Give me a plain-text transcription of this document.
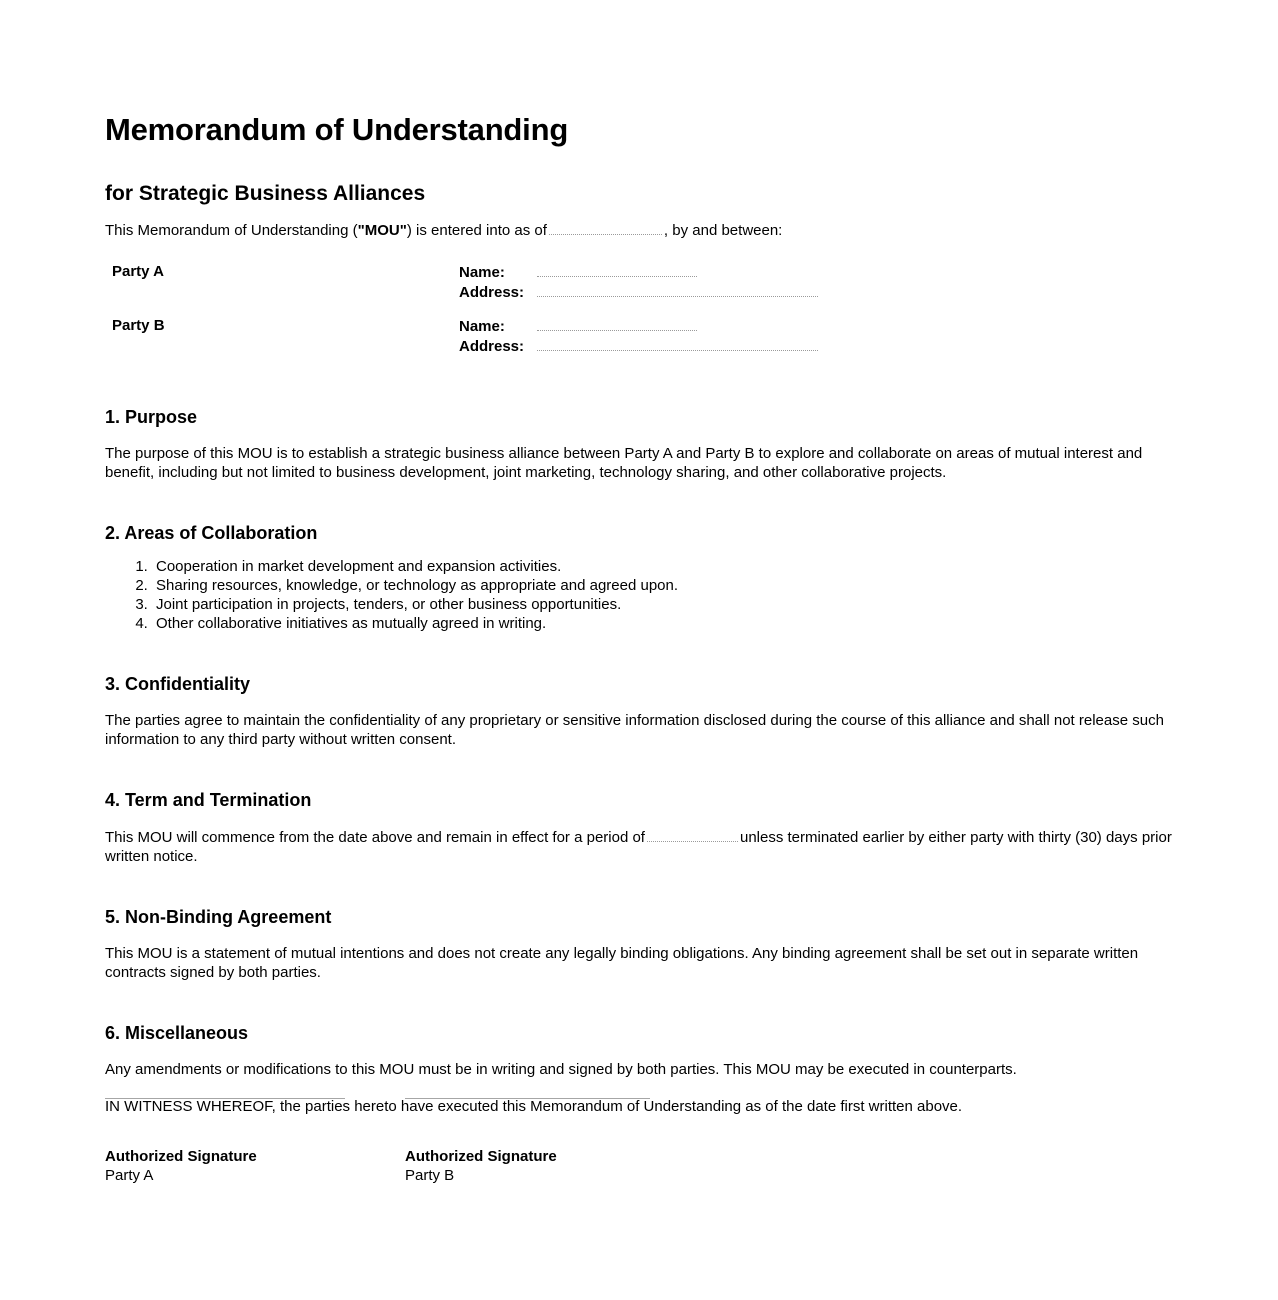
Memorandum of Understanding
for Strategic Business Alliances

This Memorandum of Understanding ("MOU") is entered into as of	, by and between:

Party A	Name:
Address:
Party B	Name:
Address:
1. Purpose

The purpose of this MOU is to establish a strategic business alliance between Party A and Party B to explore and collaborate on areas of mutual interest and benefit, including but not limited to business development, joint marketing, technology sharing, and other collaborative projects.

2. Areas of Collaboration
1. Cooperation in market development and expansion activities.
2. Sharing resources, knowledge, or technology as appropriate and agreed upon.
3. Joint participation in projects, tenders, or other business opportunities.
4. Other collaborative initiatives as mutually agreed in writing.
3. Confidentiality

The parties agree to maintain the confidentiality of any proprietary or sensitive information disclosed during the course of this alliance and shall not release such information to any third party without written consent.

4. Term and Termination

This MOU will commence from the date above and remain in effect for a period of	unless terminated earlier by either party with thirty (30) days prior written notice.

5. Non-Binding Agreement

This MOU is a statement of mutual intentions and does not create any legally binding obligations. Any binding agreement shall be set out in separate written contracts signed by both parties.

6. Miscellaneous

Any amendments or modifications to this MOU must be in writing and signed by both parties. This MOU may be executed in counterparts.

IN WITNESS WHEREOF, the parties hereto have executed this Memorandum of Understanding as of the date first written above.

Authorized Signature
Party A
Authorized Signature
Party B
